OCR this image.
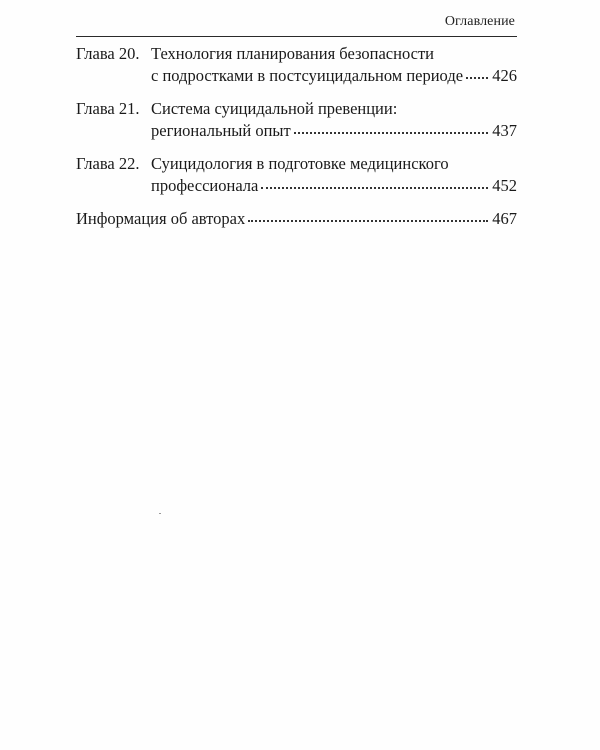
Оглавление
Глава 20. Технология планирования безопасности
с подростками в постсуицидальном периоде 426
Глава 21. Система суицидальной превенции:
региональный опыт	437
Глава 22. Суицидология в подготовке медицинского
профессионала	452
Информация об авторах	467
